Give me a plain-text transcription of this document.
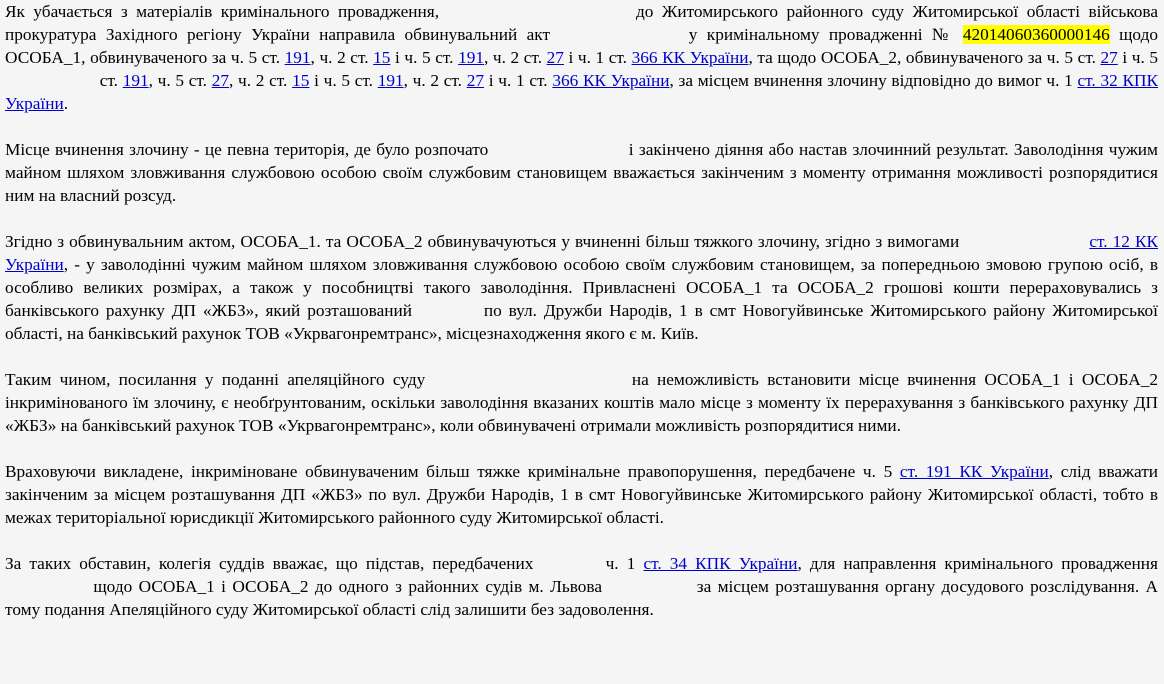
Як убачається з матеріалів кримінального провадження,	до Житомирського районного суду Житомирської області військова прокуратура Західного регіону України направила обвинувальний акт	у кримінальному провадженні № 42014060360000146 щодо ОСОБА_1, обвинуваченого за ч. 5 ст. 191, ч. 2 ст. 15 і ч. 5 ст. 191, ч. 2 ст. 27 і ч. 1 ст. 366 КК України, та щодо ОСОБА_2, обвинуваченого за ч. 5 ст. 27 і ч. 5  ст. 191, ч. 5 ст. 27, ч. 2 ст. 15 і ч. 5 ст. 191, ч. 2 ст. 27 і ч. 1 ст. 366 КК України, за місцем вчинення злочину відповідно до вимог ч. 1 ст. 32 КПК України.

Місце вчинення злочину - це певна територія, де було розпочато	і закінчено діяння або настав злочинний результат. Заволодіння чужим майном шляхом зловживання службовою особою своїм службовим становищем вважається закінченим з моменту отримання можливості розпорядитися ним на власний розсуд.

Згідно з обвинувальним актом, ОСОБА_1. та ОСОБА_2 обвинувачуються у вчиненні більш тяжкого злочину, згідно з вимогами	ст. 12 КК України, - у заволодінні чужим майном шляхом зловживання службовою особою своїм службовим становищем, за попередньою змовою групою осіб, в особливо великих розмірах, а також у пособництві такого заволодіння. Привласнені ОСОБА_1 та ОСОБА_2 грошові кошти перераховувались з банківського рахунку ДП «ЖБЗ», який розташований	по вул. Дружби Народів, 1 в смт Новогуйвинське Житомирського району Житомирської області, на банківський рахунок ТОВ «Укрвагонремтранс», місцезнаходження якого є м. Київ.

Таким чином, посилання у поданні апеляційного суду	на неможливість встановити місце вчинення ОСОБА_1 і ОСОБА_2 інкримінованого їм злочину, є необґрунтованим, оскільки заволодіння вказаних коштів мало місце з моменту їх перерахування з банківського рахунку ДП «ЖБЗ» на банківський рахунок ТОВ «Укрвагонремтранс», коли обвинувачені отримали можливість розпорядитися ними.

Враховуючи викладене, інкриміноване обвинуваченим більш тяжке кримінальне правопорушення, передбачене ч. 5 ст. 191 КК України, слід вважати закінченим за місцем розташування ДП «ЖБЗ» по вул. Дружби Народів, 1 в смт Новогуйвинське Житомирського району Житомирської області, тобто в межах територіальної юрисдикції Житомирського районного суду Житомирської області.

За таких обставин, колегія суддів вважає, що підстав, передбачених	ч. 1 ст. 34 КПК України, для направлення кримінального провадження  щодо ОСОБА_1 і ОСОБА_2 до одного з районних судів м. Львова	за місцем розташування органу досудового розслідування. А тому подання Апеляційного суду Житомирської області слід залишити без задоволення.
